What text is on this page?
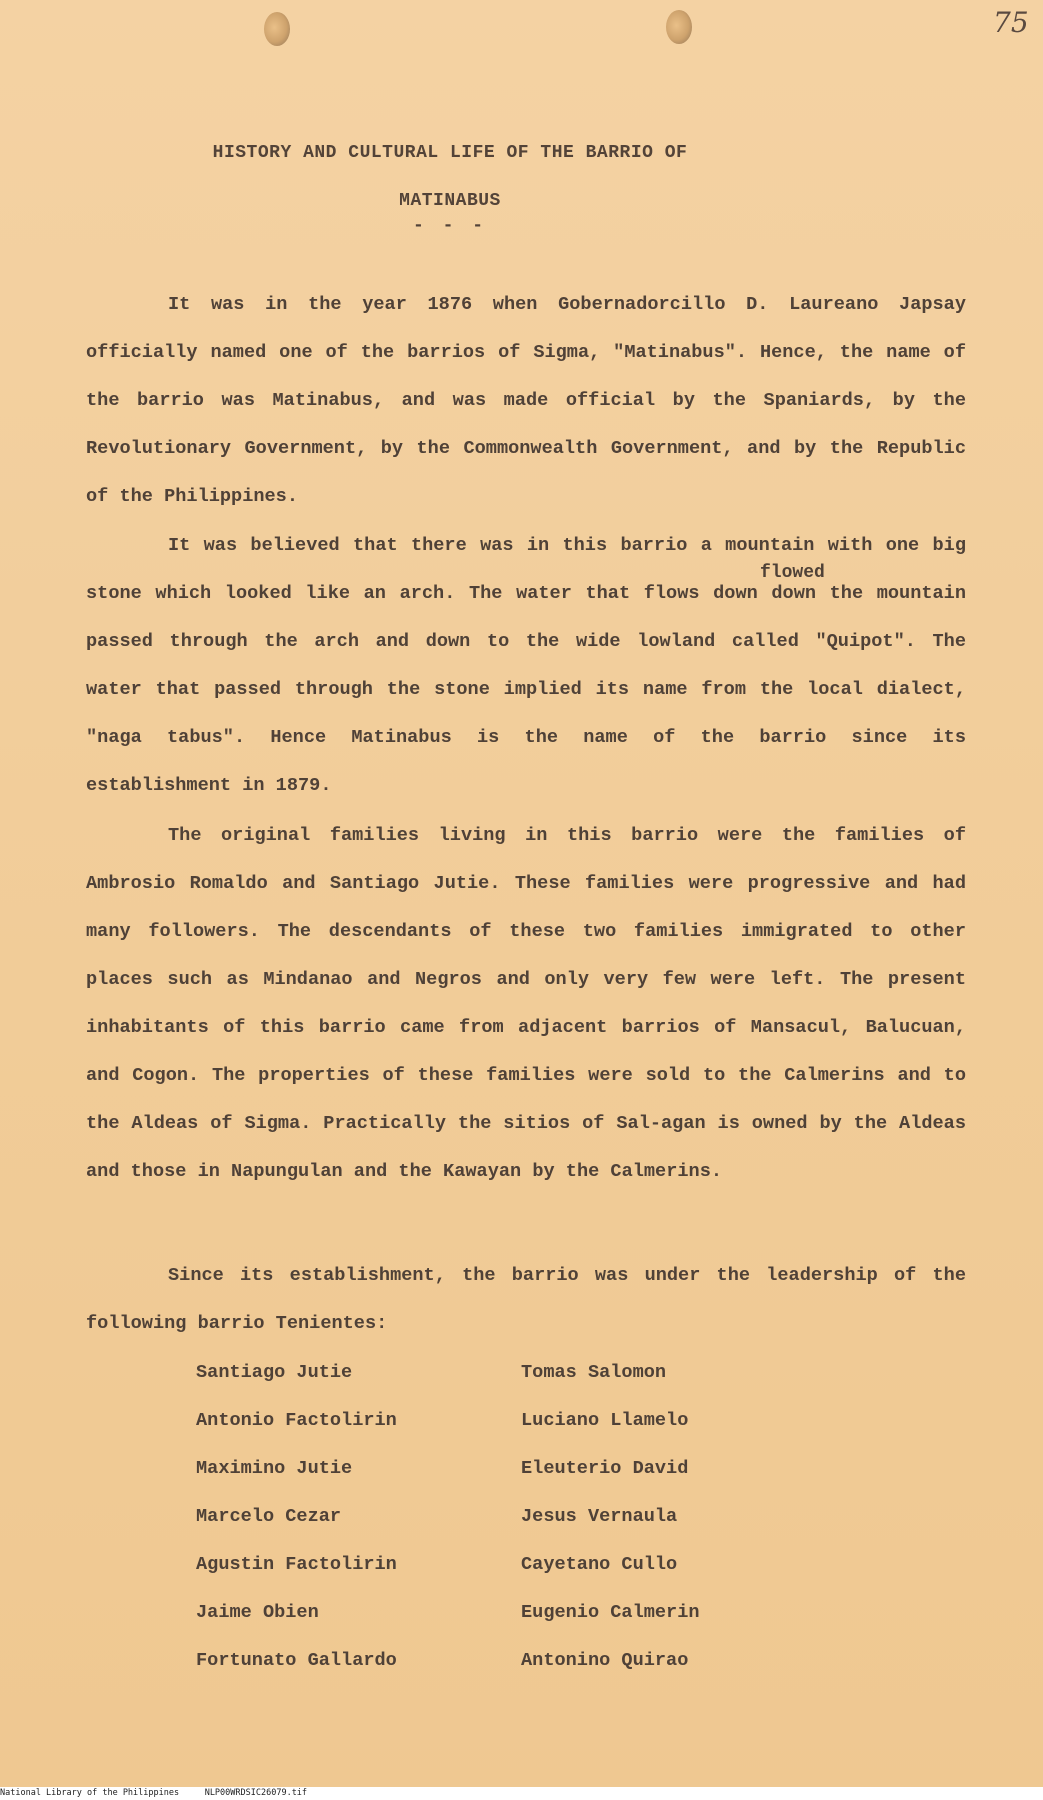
75
HISTORY AND CULTURAL LIFE OF THE BARRIO OF
MATINABUS
- - -

It was in the year 1876 when Gobernadorcillo D. Laureano Japsay officially named one of the barrios of Sigma, "Matinabus". Hence, the name of the barrio was Matinabus, and was made official by the Spaniards, by the Revolutionary Government, by the Commonwealth Government, and by the Republic of the Philippines.

flowed

It was believed that there was in this barrio a mountain with one big stone which looked like an arch. The water that flows down down the mountain passed through the arch and down to the wide lowland called "Quipot". The water that passed through the stone implied its name from the local dialect, "naga tabus". Hence Matinabus is the name of the barrio since its establishment in 1879.

The original families living in this barrio were the families of Ambrosio Romaldo and Santiago Jutie. These families were progressive and had many followers. The descendants of these two families immigrated to other places such as Mindanao and Negros and only very few were left. The present inhabitants of this barrio came from adjacent barrios of Mansacul, Balucuan, and Cogon. The properties of these families were sold to the Calmerins and to the Aldeas of Sigma. Practically the sitios of Sal-agan is owned by the Aldeas and those in Napungulan and the Kawayan by the Calmerins.

Since its establishment, the barrio was under the leadership of the following barrio Tenientes:

Santiago Jutie	Tomas Salomon
Antonio Factolirin	Luciano Llamelo
Maximino Jutie	Eleuterio David
Marcelo Cezar	Jesus Vernaula
Agustin Factolirin	Cayetano Cullo
Jaime Obien	Eugenio Calmerin
Fortunato Gallardo	Antonino Quirao
National Library of the Philippines     NLP00WRDSIC26079.tif
